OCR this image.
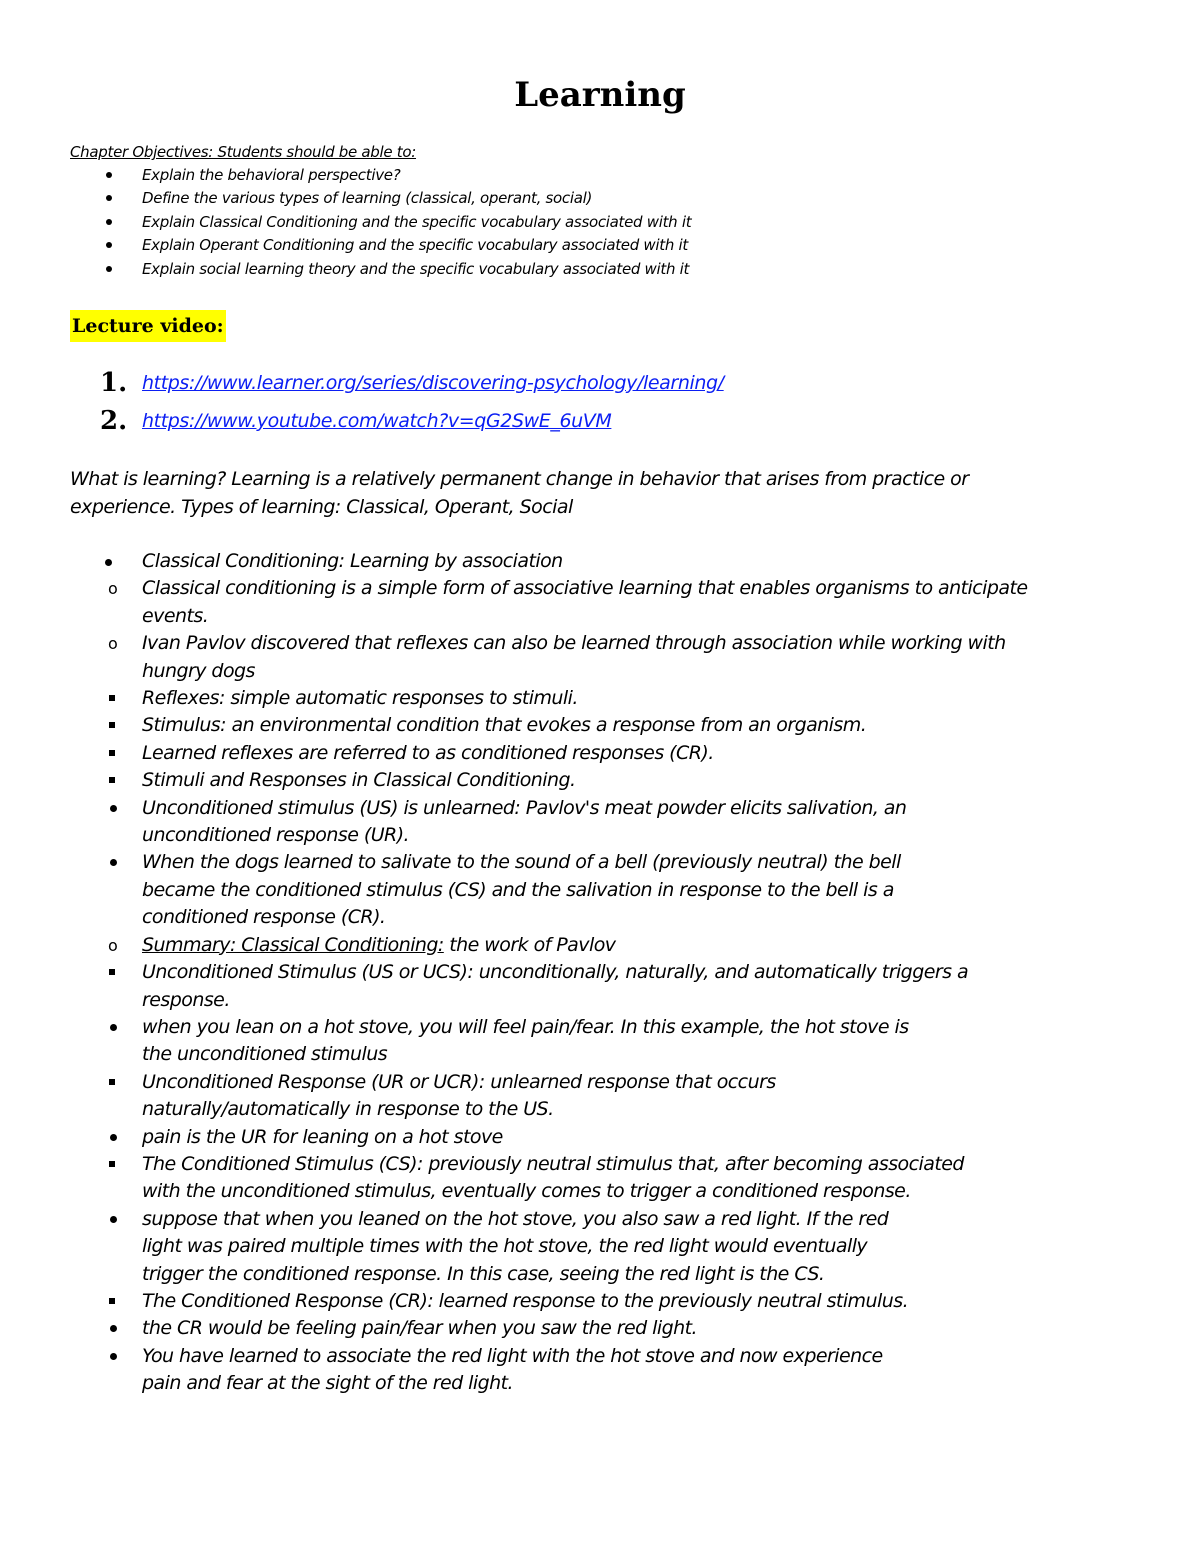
Learning
Chapter Objectives: Students should be able to:
Explain the behavioral perspective?
Define the various types of learning (classical, operant, social)
Explain Classical Conditioning and the specific vocabulary associated with it
Explain Operant Conditioning and the specific vocabulary associated with it
Explain social learning theory and the specific vocabulary associated with it
Lecture video:
1. https://www.learner.org/series/discovering-psychology/learning/
2. https://www.youtube.com/watch?v=qG2SwE_6uVM

What is learning? Learning is a relatively permanent change in behavior that arises from practice or experience. Types of learning: Classical, Operant, Social

Classical Conditioning: Learning by association
o Classical conditioning is a simple form of associative learning that enables organisms to anticipate events.
o Ivan Pavlov discovered that reflexes can also be learned through association while working with hungry dogs
Reflexes: simple automatic responses to stimuli.
Stimulus: an environmental condition that evokes a response from an organism.
Learned reflexes are referred to as conditioned responses (CR).
Stimuli and Responses in Classical Conditioning.
Unconditioned stimulus (US) is unlearned: Pavlov's meat powder elicits salivation, an unconditioned response (UR).
When the dogs learned to salivate to the sound of a bell (previously neutral) the bell became the conditioned stimulus (CS) and the salivation in response to the bell is a conditioned response (CR).
o Summary: Classical Conditioning: the work of Pavlov
Unconditioned Stimulus (US or UCS): unconditionally, naturally, and automatically triggers a response.
when you lean on a hot stove, you will feel pain/fear. In this example, the hot stove is the unconditioned stimulus
Unconditioned Response (UR or UCR): unlearned response that occurs naturally/automatically in response to the US.
pain is the UR for leaning on a hot stove
The Conditioned Stimulus (CS): previously neutral stimulus that, after becoming associated with the unconditioned stimulus, eventually comes to trigger a conditioned response.
suppose that when you leaned on the hot stove, you also saw a red light. If the red light was paired multiple times with the hot stove, the red light would eventually trigger the conditioned response. In this case, seeing the red light is the CS.
The Conditioned Response (CR): learned response to the previously neutral stimulus.
the CR would be feeling pain/fear when you saw the red light.
You have learned to associate the red light with the hot stove and now experience pain and fear at the sight of the red light.
